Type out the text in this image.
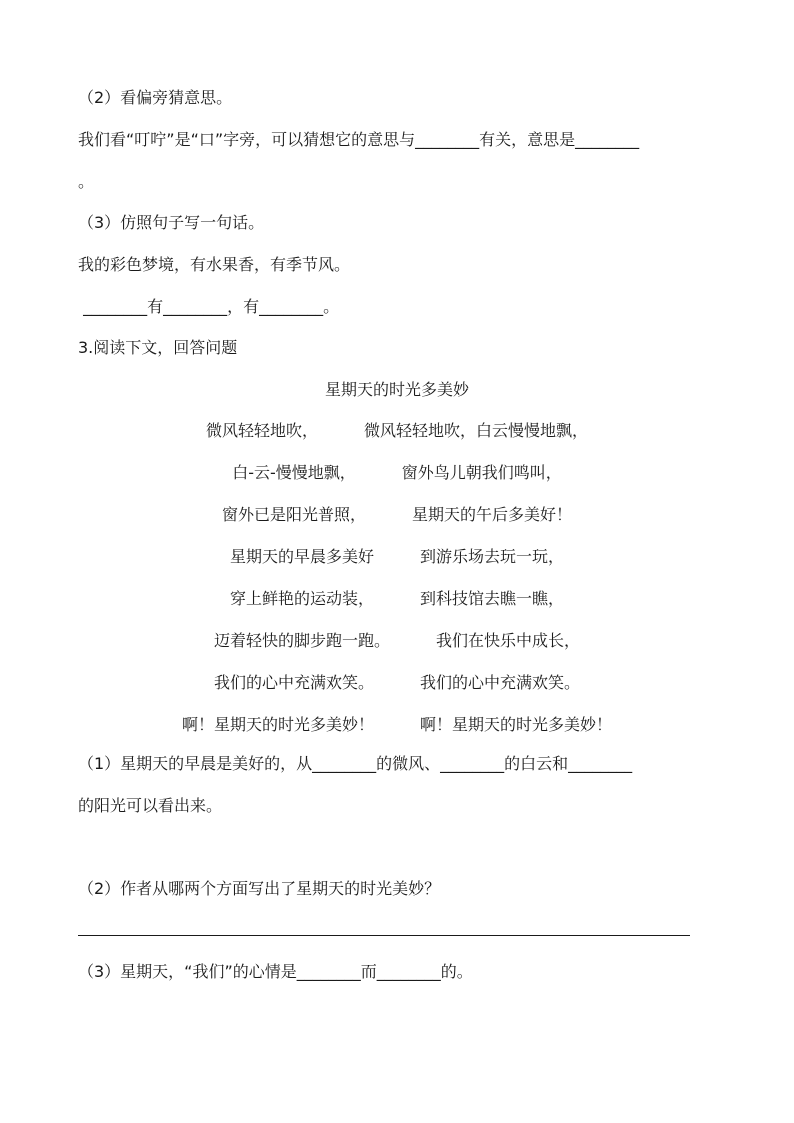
（2）看偏旁猜意思。
我们看“叮咛”是“口”字旁，可以猜想它的意思与________有关，意思是________
。
（3）仿照句子写一句话。
我的彩色梦境，有水果香，有季节风。
________有________，有________。
3.阅读下文，回答问题
星期天的时光多美妙
微风轻轻地吹，	微风轻轻地吹，白云慢慢地飘，
白-云-慢慢地飘，	窗外鸟儿朝我们鸣叫，
窗外已是阳光普照，	星期天的午后多美好！
星期天的早晨多美好	到游乐场去玩一玩，
穿上鲜艳的运动装，	到科技馆去瞧一瞧，
迈着轻快的脚步跑一跑。	我们在快乐中成长，
我们的心中充满欢笑。	我们的心中充满欢笑。
啊！星期天的时光多美妙！	啊！星期天的时光多美妙！
（1）星期天的早晨是美好的，从________的微风、________的白云和________
的阳光可以看出来。
（2）作者从哪两个方面写出了星期天的时光美妙？
（3）星期天，“我们”的心情是________而________的。
